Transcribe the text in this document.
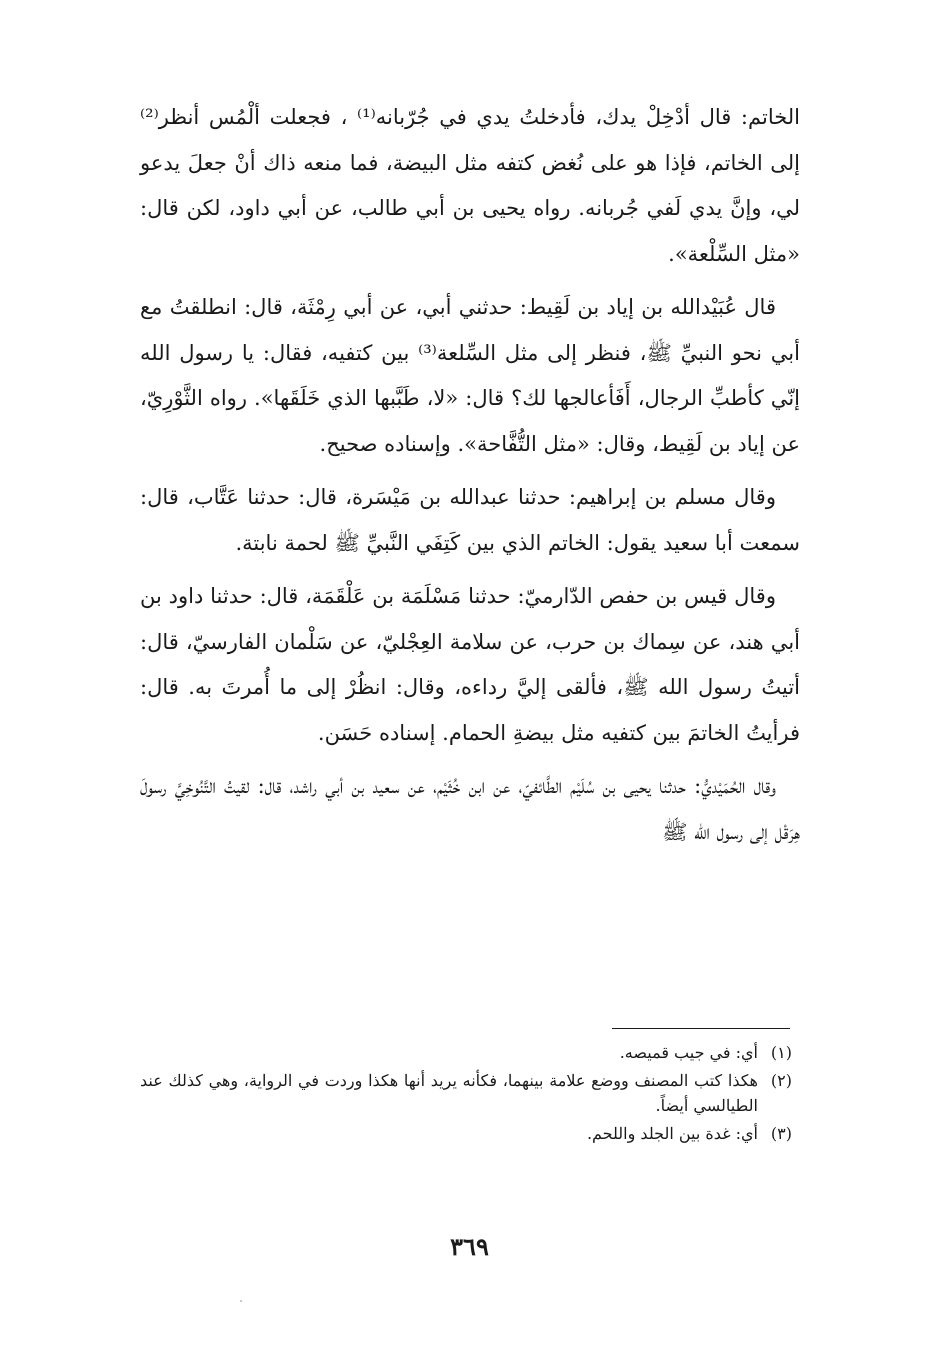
الخاتم: قال أدْخِلْ يدك، فأدخلتُ يدي في جُرّبانه⁽¹⁾ ، فجعلت ألْمُس أنظر⁽²⁾ إلى الخاتم، فإذا هو على نُغض كتفه مثل البيضة، فما منعه ذاك أنْ جعلَ يدعو لي، وإنَّ يدي لَفي جُربانه. رواه يحيى بن أبي طالب، عن أبي داود، لكن قال: «مثل السِّلْعة».

قال عُبَيْدالله بن إياد بن لَقِيط: حدثني أبي، عن أبي رِمْثَة، قال: انطلقتُ مع أبي نحو النبيِّ ﷺ، فنظر إلى مثل السِّلعة⁽³⁾ بين كتفيه، فقال: يا رسول الله إنّي كأطبِّ الرجال، أَفَأعالجها لك؟ قال: «لا، طَبَّبها الذي خَلَقَها». رواه الثَّوْرِيّ، عن إياد بن لَقِيط، وقال: «مثل التُّفَّاحة». وإسناده صحيح.

وقال مسلم بن إبراهيم: حدثنا عبدالله بن مَيْسَرة، قال: حدثنا عَتَّاب، قال: سمعت أبا سعيد يقول: الخاتم الذي بين كَتِفَي النَّبيِّ ﷺ لحمة نابتة.

وقال قيس بن حفص الدّارميّ: حدثنا مَسْلَمَة بن عَلْقَمَة، قال: حدثنا داود بن أبي هند، عن سِماك بن حرب، عن سلامة العِجْليّ، عن سَلْمان الفارسيّ، قال: أتيتُ رسول الله ﷺ، فألقى إليَّ رداءه، وقال: انظُرْ إلى ما أُمرتَ به. قال: فرأيتُ الخاتمَ بين كتفيه مثل بيضةِ الحمام. إسناده حَسَن.

وقال الحُمَيْديُّ: حدثنا يحيى بن سُلَيْم الطَّائفيّ، عن ابن خُثَيْم، عن سعيد بن أبي راشد، قال: لقيتُ التَّنُوخِيَّ رسولَ هِرَقْل إلى رسول الله ﷺ

(١)
أي: في جيب قميصه.
(٢)
هكذا كتب المصنف ووضع علامة بينهما، فكأنه يريد أنها هكذا وردت في الرواية، وهي كذلك عند الطيالسي أيضاً.
(٣)
أي: غدة بين الجلد واللحم.
٣٦٩
